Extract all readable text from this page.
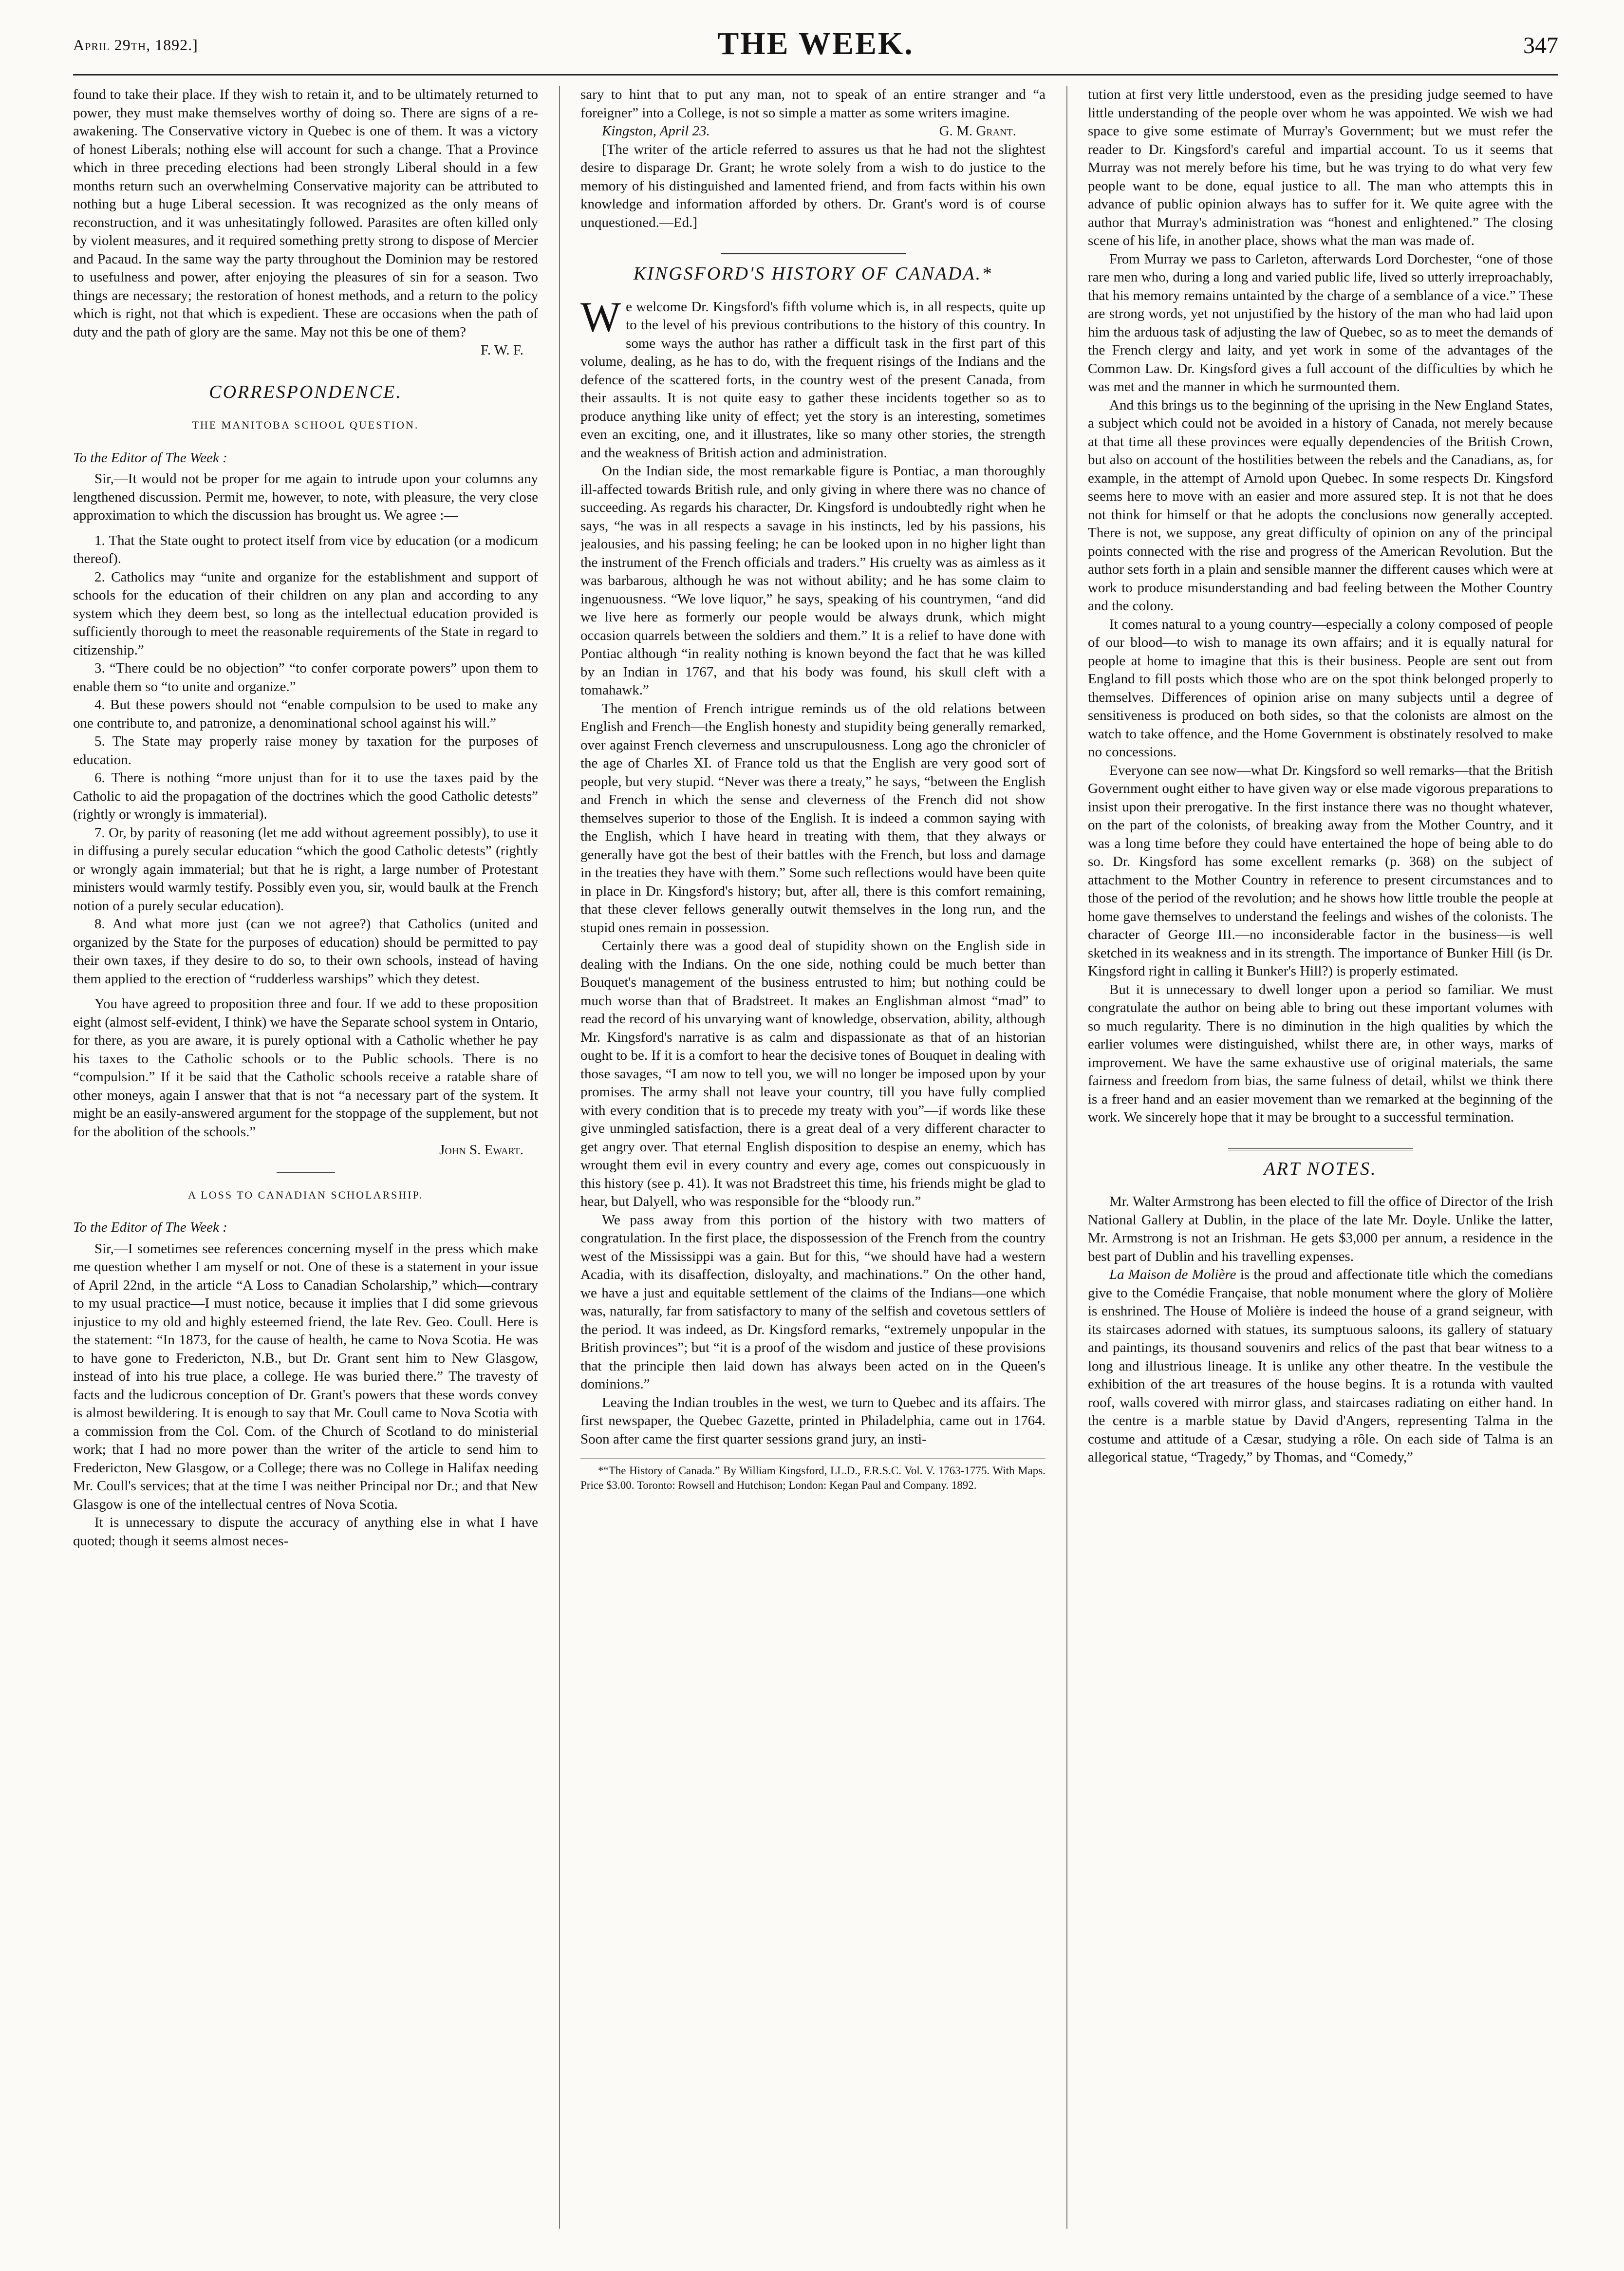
April 29th, 1892.]	THE WEEK.	347

found to take their place. If they wish to retain it, and to be ultimately returned to power, they must make themselves worthy of doing so. There are signs of a re-awakening. The Conservative victory in Quebec is one of them. It was a victory of honest Liberals; nothing else will account for such a change. That a Province which in three preceding elections had been strongly Liberal should in a few months return such an overwhelming Conservative majority can be attributed to nothing but a huge Liberal secession. It was recognized as the only means of reconstruction, and it was unhesitatingly followed. Parasites are often killed only by violent measures, and it required something pretty strong to dispose of Mercier and Pacaud. In the same way the party throughout the Dominion may be restored to usefulness and power, after enjoying the pleasures of sin for a season. Two things are necessary; the restoration of honest methods, and a return to the policy which is right, not that which is expedient. These are occasions when the path of duty and the path of glory are the same. May not this be one of them?

F. W. F.

CORRESPONDENCE.
THE MANITOBA SCHOOL QUESTION.

To the Editor of The Week :

Sir,—It would not be proper for me again to intrude upon your columns any lengthened discussion. Permit me, however, to note, with pleasure, the very close approximation to which the discussion has brought us. We agree :—

1. That the State ought to protect itself from vice by education (or a modicum thereof).

2. Catholics may “unite and organize for the establishment and support of schools for the education of their children on any plan and according to any system which they deem best, so long as the intellectual education provided is sufficiently thorough to meet the reasonable requirements of the State in regard to citizenship.”

3. “There could be no objection” “to confer corporate powers” upon them to enable them so “to unite and organize.”

4. But these powers should not “enable compulsion to be used to make any one contribute to, and patronize, a denominational school against his will.”

5. The State may properly raise money by taxation for the purposes of education.

6. There is nothing “more unjust than for it to use the taxes paid by the Catholic to aid the propagation of the doctrines which the good Catholic detests” (rightly or wrongly is immaterial).

7. Or, by parity of reasoning (let me add without agreement possibly), to use it in diffusing a purely secular education “which the good Catholic detests” (rightly or wrongly again immaterial; but that he is right, a large number of Protestant ministers would warmly testify. Possibly even you, sir, would baulk at the French notion of a purely secular education).

8. And what more just (can we not agree?) that Catholics (united and organized by the State for the purposes of education) should be permitted to pay their own taxes, if they desire to do so, to their own schools, instead of having them applied to the erection of “rudderless warships” which they detest.

You have agreed to proposition three and four. If we add to these proposition eight (almost self-evident, I think) we have the Separate school system in Ontario, for there, as you are aware, it is purely optional with a Catholic whether he pay his taxes to the Catholic schools or to the Public schools. There is no “compulsion.” If it be said that the Catholic schools receive a ratable share of other moneys, again I answer that that is not “a necessary part of the system. It might be an easily-answered argument for the stoppage of the supplement, but not for the abolition of the schools.”

John S. Ewart.

A LOSS TO CANADIAN SCHOLARSHIP.

To the Editor of The Week :

Sir,—I sometimes see references concerning myself in the press which make me question whether I am myself or not. One of these is a statement in your issue of April 22nd, in the article “A Loss to Canadian Scholarship,” which—contrary to my usual practice—I must notice, because it implies that I did some grievous injustice to my old and highly esteemed friend, the late Rev. Geo. Coull. Here is the statement: “In 1873, for the cause of health, he came to Nova Scotia. He was to have gone to Fredericton, N.B., but Dr. Grant sent him to New Glasgow, instead of into his true place, a college. He was buried there.” The travesty of facts and the ludicrous conception of Dr. Grant's powers that these words convey is almost bewildering. It is enough to say that Mr. Coull came to Nova Scotia with a commission from the Col. Com. of the Church of Scotland to do ministerial work; that I had no more power than the writer of the article to send him to Fredericton, New Glasgow, or a College; there was no College in Halifax needing Mr. Coull's services; that at the time I was neither Principal nor Dr.; and that New Glasgow is one of the intellectual centres of Nova Scotia.

It is unnecessary to dispute the accuracy of anything else in what I have quoted; though it seems almost neces-

sary to hint that to put any man, not to speak of an entire stranger and “a foreigner” into a College, is not so simple a matter as some writers imagine.

Kingston, April 23.	G. M. Grant.

[The writer of the article referred to assures us that he had not the slightest desire to disparage Dr. Grant; he wrote solely from a wish to do justice to the memory of his distinguished and lamented friend, and from facts within his own knowledge and information afforded by others. Dr. Grant's word is of course unquestioned.—Ed.]

KINGSFORD'S HISTORY OF CANADA.*

We welcome Dr. Kingsford's fifth volume which is, in all respects, quite up to the level of his previous contributions to the history of this country. In some ways the author has rather a difficult task in the first part of this volume, dealing, as he has to do, with the frequent risings of the Indians and the defence of the scattered forts, in the country west of the present Canada, from their assaults. It is not quite easy to gather these incidents together so as to produce anything like unity of effect; yet the story is an interesting, sometimes even an exciting, one, and it illustrates, like so many other stories, the strength and the weakness of British action and administration.

On the Indian side, the most remarkable figure is Pontiac, a man thoroughly ill-affected towards British rule, and only giving in where there was no chance of succeeding. As regards his character, Dr. Kingsford is undoubtedly right when he says, “he was in all respects a savage in his instincts, led by his passions, his jealousies, and his passing feeling; he can be looked upon in no higher light than the instrument of the French officials and traders.” His cruelty was as aimless as it was barbarous, although he was not without ability; and he has some claim to ingenuousness. “We love liquor,” he says, speaking of his countrymen, “and did we live here as formerly our people would be always drunk, which might occasion quarrels between the soldiers and them.” It is a relief to have done with Pontiac although “in reality nothing is known beyond the fact that he was killed by an Indian in 1767, and that his body was found, his skull cleft with a tomahawk.”

The mention of French intrigue reminds us of the old relations between English and French—the English honesty and stupidity being generally remarked, over against French cleverness and unscrupulousness. Long ago the chronicler of the age of Charles XI. of France told us that the English are very good sort of people, but very stupid. “Never was there a treaty,” he says, “between the English and French in which the sense and cleverness of the French did not show themselves superior to those of the English. It is indeed a common saying with the English, which I have heard in treating with them, that they always or generally have got the best of their battles with the French, but loss and damage in the treaties they have with them.” Some such reflections would have been quite in place in Dr. Kingsford's history; but, after all, there is this comfort remaining, that these clever fellows generally outwit themselves in the long run, and the stupid ones remain in possession.

Certainly there was a good deal of stupidity shown on the English side in dealing with the Indians. On the one side, nothing could be much better than Bouquet's management of the business entrusted to him; but nothing could be much worse than that of Bradstreet. It makes an Englishman almost “mad” to read the record of his unvarying want of knowledge, observation, ability, although Mr. Kingsford's narrative is as calm and dispassionate as that of an historian ought to be. If it is a comfort to hear the decisive tones of Bouquet in dealing with those savages, “I am now to tell you, we will no longer be imposed upon by your promises. The army shall not leave your country, till you have fully complied with every condition that is to precede my treaty with you”—if words like these give unmingled satisfaction, there is a great deal of a very different character to get angry over. That eternal English disposition to despise an enemy, which has wrought them evil in every country and every age, comes out conspicuously in this history (see p. 41). It was not Bradstreet this time, his friends might be glad to hear, but Dalyell, who was responsible for the “bloody run.”

We pass away from this portion of the history with two matters of congratulation. In the first place, the dispossession of the French from the country west of the Mississippi was a gain. But for this, “we should have had a western Acadia, with its disaffection, disloyalty, and machinations.” On the other hand, we have a just and equitable settlement of the claims of the Indians—one which was, naturally, far from satisfactory to many of the selfish and covetous settlers of the period. It was indeed, as Dr. Kingsford remarks, “extremely unpopular in the British provinces”; but “it is a proof of the wisdom and justice of these provisions that the principle then laid down has always been acted on in the Queen's dominions.”

Leaving the Indian troubles in the west, we turn to Quebec and its affairs. The first newspaper, the Quebec Gazette, printed in Philadelphia, came out in 1764. Soon after came the first quarter sessions grand jury, an insti-

*“The History of Canada.” By William Kingsford, LL.D., F.R.S.C. Vol. V. 1763-1775. With Maps. Price $3.00. Toronto: Rowsell and Hutchison; London: Kegan Paul and Company. 1892.

tution at first very little understood, even as the presiding judge seemed to have little understanding of the people over whom he was appointed. We wish we had space to give some estimate of Murray's Government; but we must refer the reader to Dr. Kingsford's careful and impartial account. To us it seems that Murray was not merely before his time, but he was trying to do what very few people want to be done, equal justice to all. The man who attempts this in advance of public opinion always has to suffer for it. We quite agree with the author that Murray's administration was “honest and enlightened.” The closing scene of his life, in another place, shows what the man was made of.

From Murray we pass to Carleton, afterwards Lord Dorchester, “one of those rare men who, during a long and varied public life, lived so utterly irreproachably, that his memory remains untainted by the charge of a semblance of a vice.” These are strong words, yet not unjustified by the history of the man who had laid upon him the arduous task of adjusting the law of Quebec, so as to meet the demands of the French clergy and laity, and yet work in some of the advantages of the Common Law. Dr. Kingsford gives a full account of the difficulties by which he was met and the manner in which he surmounted them.

And this brings us to the beginning of the uprising in the New England States, a subject which could not be avoided in a history of Canada, not merely because at that time all these provinces were equally dependencies of the British Crown, but also on account of the hostilities between the rebels and the Canadians, as, for example, in the attempt of Arnold upon Quebec. In some respects Dr. Kingsford seems here to move with an easier and more assured step. It is not that he does not think for himself or that he adopts the conclusions now generally accepted. There is not, we suppose, any great difficulty of opinion on any of the principal points connected with the rise and progress of the American Revolution. But the author sets forth in a plain and sensible manner the different causes which were at work to produce misunderstanding and bad feeling between the Mother Country and the colony.

It comes natural to a young country—especially a colony composed of people of our blood—to wish to manage its own affairs; and it is equally natural for people at home to imagine that this is their business. People are sent out from England to fill posts which those who are on the spot think belonged properly to themselves. Differences of opinion arise on many subjects until a degree of sensitiveness is produced on both sides, so that the colonists are almost on the watch to take offence, and the Home Government is obstinately resolved to make no concessions.

Everyone can see now—what Dr. Kingsford so well remarks—that the British Government ought either to have given way or else made vigorous preparations to insist upon their prerogative. In the first instance there was no thought whatever, on the part of the colonists, of breaking away from the Mother Country, and it was a long time before they could have entertained the hope of being able to do so. Dr. Kingsford has some excellent remarks (p. 368) on the subject of attachment to the Mother Country in reference to present circumstances and to those of the period of the revolution; and he shows how little trouble the people at home gave themselves to understand the feelings and wishes of the colonists. The character of George III.—no inconsiderable factor in the business—is well sketched in its weakness and in its strength. The importance of Bunker Hill (is Dr. Kingsford right in calling it Bunker's Hill?) is properly estimated.

But it is unnecessary to dwell longer upon a period so familiar. We must congratulate the author on being able to bring out these important volumes with so much regularity. There is no diminution in the high qualities by which the earlier volumes were distinguished, whilst there are, in other ways, marks of improvement. We have the same exhaustive use of original materials, the same fairness and freedom from bias, the same fulness of detail, whilst we think there is a freer hand and an easier movement than we remarked at the beginning of the work. We sincerely hope that it may be brought to a successful termination.

ART NOTES.

Mr. Walter Armstrong has been elected to fill the office of Director of the Irish National Gallery at Dublin, in the place of the late Mr. Doyle. Unlike the latter, Mr. Armstrong is not an Irishman. He gets $3,000 per annum, a residence in the best part of Dublin and his travelling expenses.

La Maison de Molière is the proud and affectionate title which the comedians give to the Comédie Française, that noble monument where the glory of Molière is enshrined. The House of Molière is indeed the house of a grand seigneur, with its staircases adorned with statues, its sumptuous saloons, its gallery of statuary and paintings, its thousand souvenirs and relics of the past that bear witness to a long and illustrious lineage. It is unlike any other theatre. In the vestibule the exhibition of the art treasures of the house begins. It is a rotunda with vaulted roof, walls covered with mirror glass, and staircases radiating on either hand. In the centre is a marble statue by David d'Angers, representing Talma in the costume and attitude of a Cæsar, studying a rôle. On each side of Talma is an allegorical statue, “Tragedy,” by Thomas, and “Comedy,”
